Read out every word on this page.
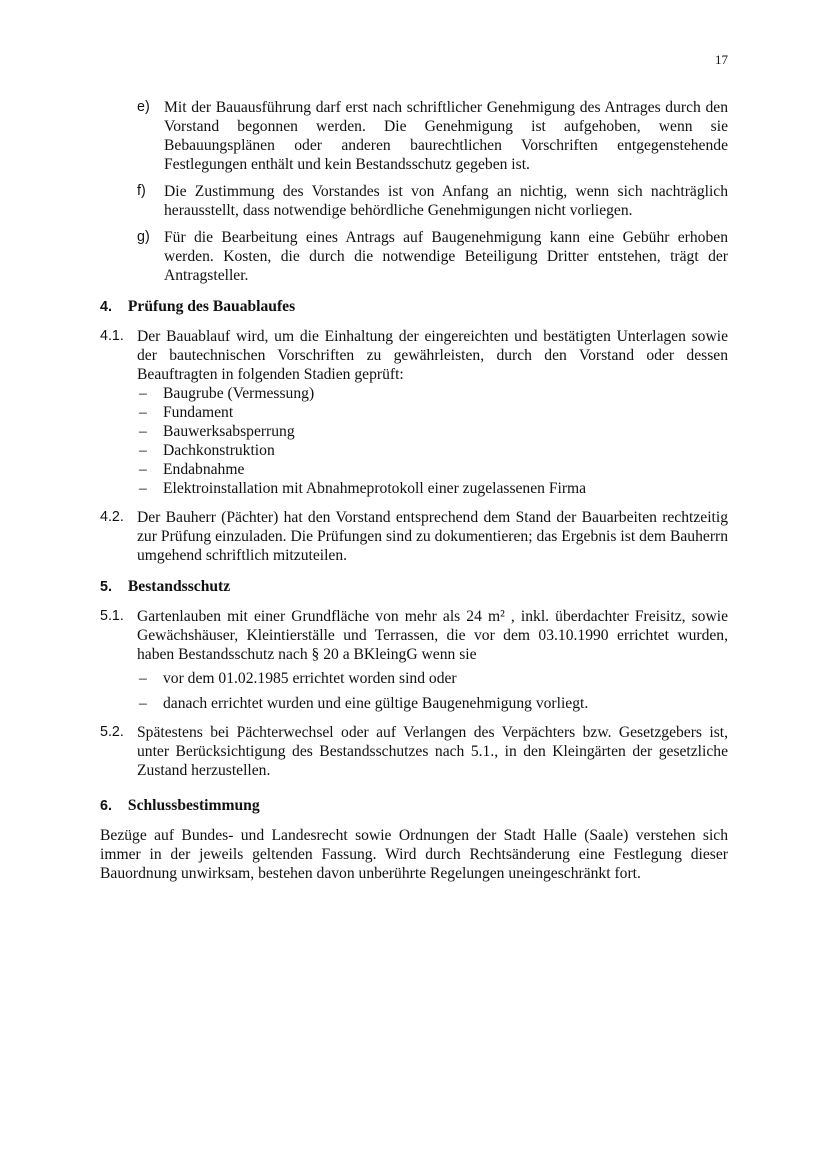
17
e) Mit der Bauausführung darf erst nach schriftlicher Genehmigung des Antrages durch den Vorstand begonnen werden. Die Genehmigung ist aufgehoben, wenn sie Bebauungsplänen oder anderen baurechtlichen Vorschriften entgegenstehende Festlegungen enthält und kein Bestandsschutz gegeben ist.
f) Die Zustimmung des Vorstandes ist von Anfang an nichtig, wenn sich nachträglich herausstellt, dass notwendige behördliche Genehmigungen nicht vorliegen.
g) Für die Bearbeitung eines Antrags auf Baugenehmigung kann eine Gebühr erhoben werden. Kosten, die durch die notwendige Beteiligung Dritter entstehen, trägt der Antragsteller.
4. Prüfung des Bauablaufes
4.1. Der Bauablauf wird, um die Einhaltung der eingereichten und bestätigten Unterlagen sowie der bautechnischen Vorschriften zu gewährleisten, durch den Vorstand oder dessen Beauftragten in folgenden Stadien geprüft:
– Baugrube (Vermessung)
– Fundament
– Bauwerksabsperrung
– Dachkonstruktion
– Endabnahme
– Elektroinstallation mit Abnahmeprotokoll einer zugelassenen Firma
4.2. Der Bauherr (Pächter) hat den Vorstand entsprechend dem Stand der Bauarbeiten rechtzeitig zur Prüfung einzuladen. Die Prüfungen sind zu dokumentieren; das Ergebnis ist dem Bauherrn umgehend schriftlich mitzuteilen.
5. Bestandsschutz
5.1. Gartenlauben mit einer Grundfläche von mehr als 24 m² , inkl. überdachter Freisitz, sowie Gewächshäuser, Kleintierställe und Terrassen, die vor dem 03.10.1990 errichtet wurden, haben Bestandsschutz nach § 20 a BKleingG wenn sie
– vor dem 01.02.1985 errichtet worden sind oder
– danach errichtet wurden und eine gültige Baugenehmigung vorliegt.
5.2. Spätestens bei Pächterwechsel oder auf Verlangen des Verpächters bzw. Gesetzgebers ist, unter Berücksichtigung des Bestandsschutzes nach 5.1., in den Kleingärten der gesetzliche Zustand herzustellen.
6. Schlussbestimmung

Bezüge auf Bundes- und Landesrecht sowie Ordnungen der Stadt Halle (Saale) verstehen sich immer in der jeweils geltenden Fassung. Wird durch Rechtsänderung eine Festlegung dieser Bauordnung unwirksam, bestehen davon unberührte Regelungen uneingeschränkt fort.
